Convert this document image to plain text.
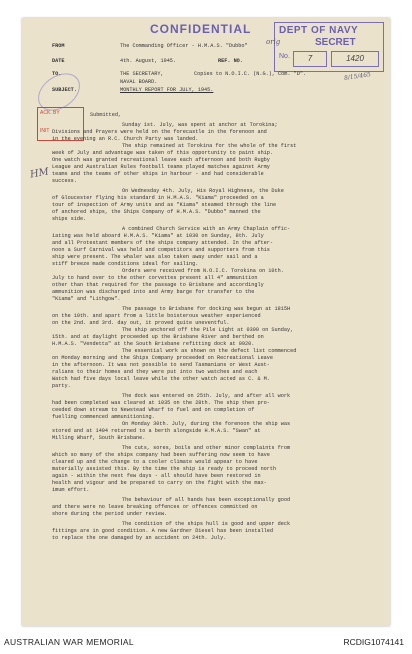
CONFIDENTIAL	DEPT OF NAVY
SECRET
No.	7	1420
orig
8/15/465
ACK. BY
INIT
HM
FROM	The Commanding Officer - H.M.A.S. "Dubbo"
DATE	4th. August, 1945.	REF. NO.
TO.	THE SECRETARY,	Copies to N.O.I.C. (N.G.), Com. "D".
NAVAL BOARD.
SUBJECT.	MONTHLY REPORT FOR JULY, 1945.
Submitted,
Sunday 1st. July, was spent at anchor at Torokina;
Divisions and Prayers were held on the forecastle in the forenoon and
in the evening an R.C. Church Party was landed.
The ship remained at Torokina for the whole of the first
week of July and advantage was taken of this opportunity to paint ship.
One watch was granted recreational leave each afternoon and both Rugby
League and Australian Rules football teams played matches against Army
teams and the teams of other ships in harbour - and had considerable
success.
On Wednesday 4th. July, His Royal Highness, the Duke
of Gloucester flying his standard in H.M.A.S. "Kiama" proceeded on a
tour of inspection of Army units and as "Kiama" steamed through the line
of anchored ships, the Ships Company of H.M.A.S. "Dubbo" manned the
ships side.
A combined Church Service with an Army Chaplain offic-
iating was held aboard H.M.A.S. "Kiama" at 1030 on Sunday, 8th. July
and all Protestant members of the ships company attended. In the after-
noon a Surf Carnival was held and competitors and supporters from this
ship were present. The whaler was also taken away under sail and a
stiff breeze made conditions ideal for sailing.
Orders were received from N.O.I.C. Torokina on 10th.
July to hand over to the other corvettes present all 4" ammunition
other than that required for the passage to Brisbane and accordingly
ammunition was discharged into and Army barge for transfer to the
"Kiama" and "Lithgow".
The passage to Brisbane for docking was begun at 1815H
on the 10th. and apart from a little boisterous weather experienced
on the 2nd. and 3rd. day out, it proved quite uneventful.
The ship anchored off the Pile Light at 0300 on Sunday,
15th. and at daylight proceeded up the Brisbane River and berthed on
H.M.A.S. "Vendetta" at the South Brisbane refitting dock at 0920.
The essential work as shown on the defect list commenced
on Monday morning and the Ships Company proceeded on Recreational Leave
in the afternoon. It was not possible to send Tasmanians or West Aust-
ralians to their homes and they were put into two watches and each
Watch had five days local leave while the other watch acted as C. & M.
party.
The dock was entered on 25th. July, and after all work
had been completed was cleared at 1035 on the 28th. The ship then pro-
ceeded down stream to Newstead Wharf to fuel and on completion of
fuelling commenced ammunitioning.
On Monday 30th. July, during the forenoon the ship was
stored and at 1404 returned to a berth alongside H.M.A.S. "Swan" at
Milling Wharf, South Brisbane.
The cuts, sores, boils and other minor complaints from
which so many of the ships company had been suffering now seem to have
cleared up and the change to a cooler climate would appear to have
materially assisted this. By the time the ship is ready to proceed north
again - within the next few days - all should have been restored in
health and vigour and be prepared to carry on the fight with the max-
imum effort.
The behaviour of all hands has been exceptionally good
and there were no leave breaking offences or offences committed on
shore during the period under review.
The condition of the ships hull is good and upper deck
fittings are in good condition. A new Gardner Diesel has been installed
to replace the one damaged by an accident on 24th. July.
AUSTRALIAN WAR MEMORIAL	RCDIG1074141
